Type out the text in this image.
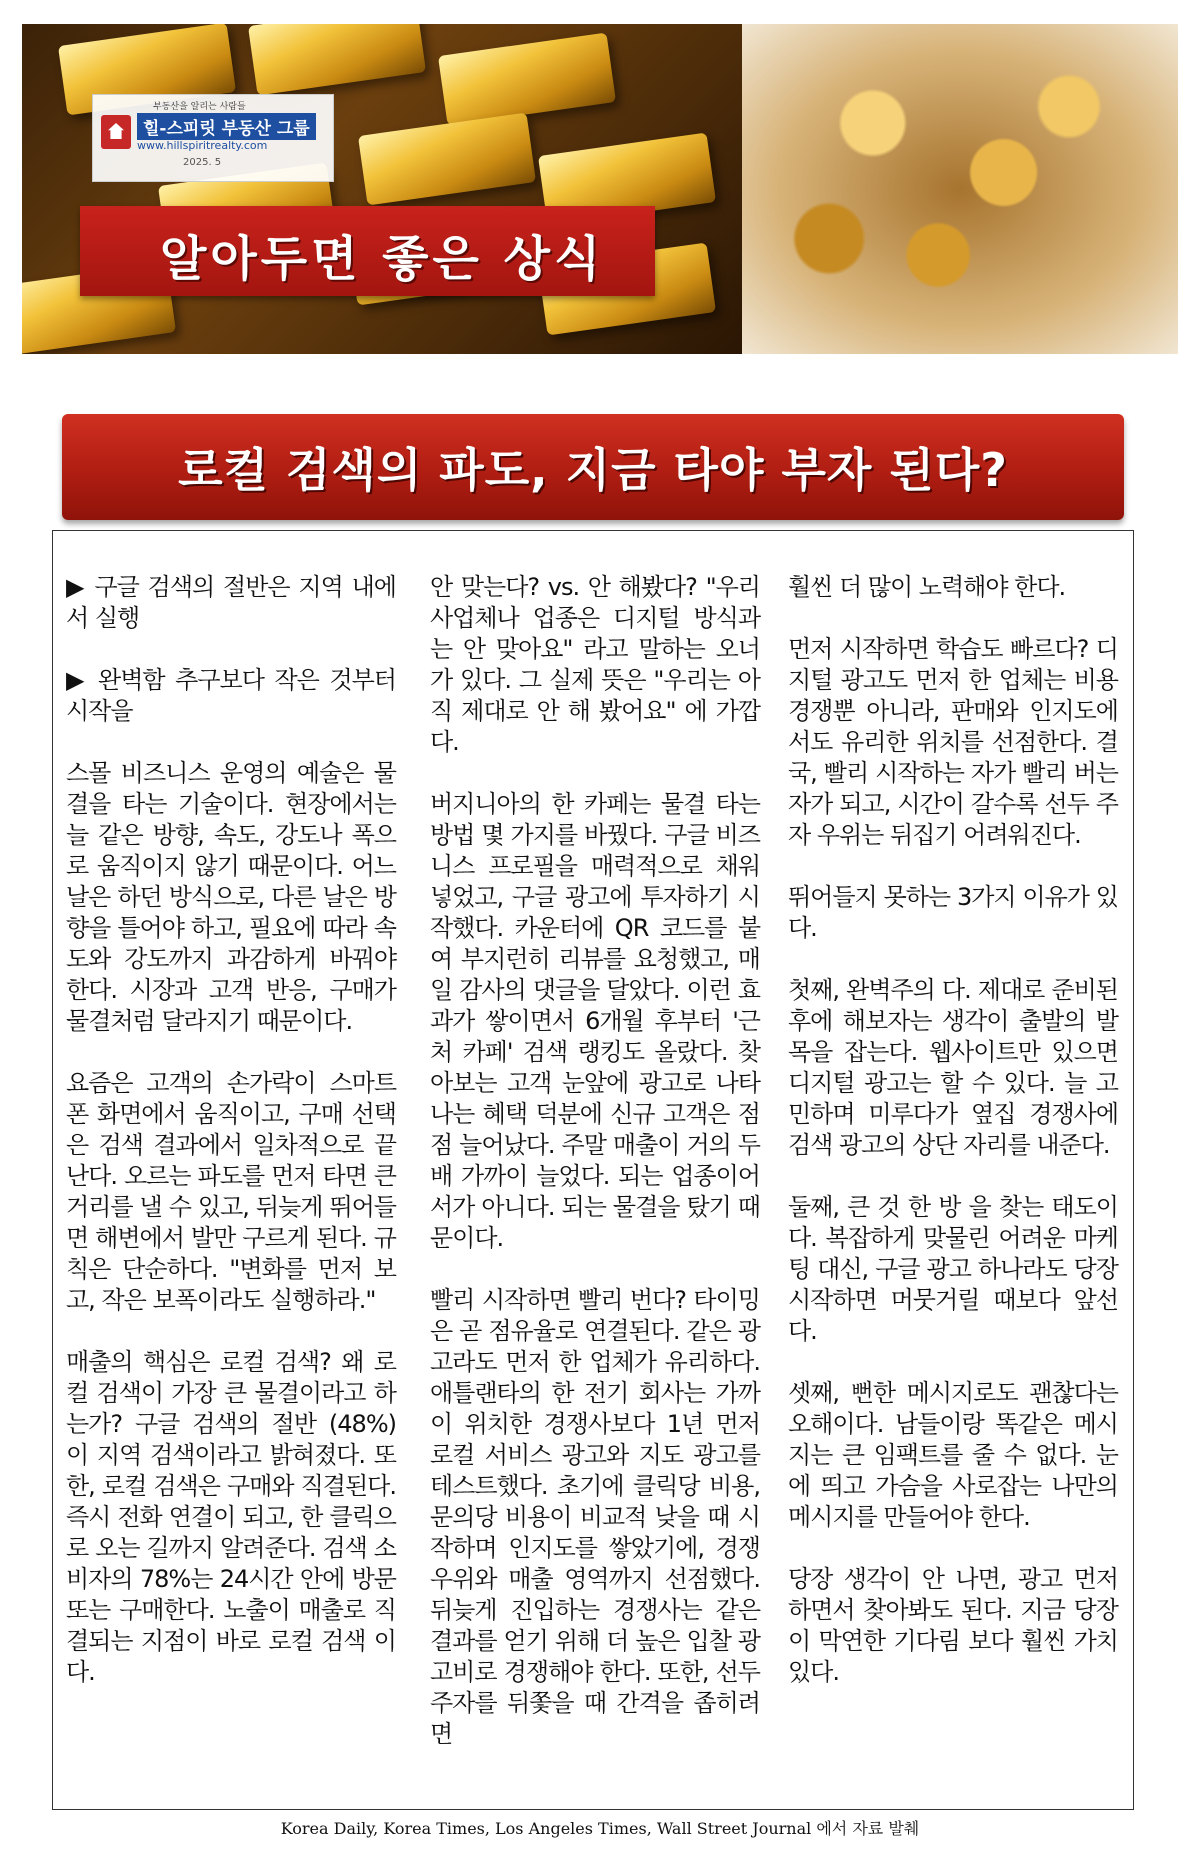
부동산을 알리는 사람들
힐-스피릿 부동산 그룹
www.hillspiritrealty.com
2025. 5
알아두면 좋은 상식
로컬 검색의 파도, 지금 타야 부자 된다?

▶ 구글 검색의 절반은 지역 내에서 실행

▶ 완벽함 추구보다 작은 것부터 시작을

스몰 비즈니스 운영의 예술은 물결을 타는 기술이다. 현장에서는 늘 같은 방향, 속도, 강도나 폭으로 움직이지 않기 때문이다. 어느 날은 하던 방식으로, 다른 날은 방향을 틀어야 하고, 필요에 따라 속도와 강도까지 과감하게 바꿔야 한다. 시장과 고객 반응, 구매가 물결처럼 달라지기 때문이다.

요즘은 고객의 손가락이 스마트 폰 화면에서 움직이고, 구매 선택은 검색 결과에서 일차적으로 끝난다. 오르는 파도를 먼저 타면 큰 거리를 낼 수 있고, 뒤늦게 뛰어들면 해변에서 발만 구르게 된다. 규칙은 단순하다. "변화를 먼저 보고, 작은 보폭이라도 실행하라."

매출의 핵심은 로컬 검색? 왜 로컬 검색이 가장 큰 물결이라고 하는가? 구글 검색의 절반 (48%) 이 지역 검색이라고 밝혀졌다. 또한, 로컬 검색은 구매와 직결된다. 즉시 전화 연결이 되고, 한 클릭으로 오는 길까지 알려준다. 검색 소비자의 78%는 24시간 안에 방문 또는 구매한다. 노출이 매출로 직결되는 지점이 바로 로컬 검색 이다.

안 맞는다? vs. 안 해봤다? "우리 사업체나 업종은 디지털 방식과는 안 맞아요" 라고 말하는 오너가 있다. 그 실제 뜻은 "우리는 아직 제대로 안 해 봤어요" 에 가깝다.

버지니아의 한 카페는 물결 타는 방법 몇 가지를 바꿨다. 구글 비즈니스 프로필을 매력적으로 채워 넣었고, 구글 광고에 투자하기 시작했다. 카운터에 QR 코드를 붙여 부지런히 리뷰를 요청했고, 매일 감사의 댓글을 달았다. 이런 효과가 쌓이면서 6개월 후부터 '근처 카페' 검색 랭킹도 올랐다. 찾아보는 고객 눈앞에 광고로 나타나는 혜택 덕분에 신규 고객은 점점 늘어났다. 주말 매출이 거의 두 배 가까이 늘었다. 되는 업종이어서가 아니다. 되는 물결을 탔기 때문이다.

빨리 시작하면 빨리 번다? 타이밍은 곧 점유율로 연결된다. 같은 광고라도 먼저 한 업체가 유리하다. 애틀랜타의 한 전기 회사는 가까이 위치한 경쟁사보다 1년 먼저 로컬 서비스 광고와 지도 광고를 테스트했다. 초기에 클릭당 비용, 문의당 비용이 비교적 낮을 때 시작하며 인지도를 쌓았기에, 경쟁 우위와 매출 영역까지 선점했다. 뒤늦게 진입하는 경쟁사는 같은 결과를 얻기 위해 더 높은 입찰 광고비로 경쟁해야 한다. 또한, 선두 주자를 뒤쫓을 때 간격을 좁히려면

훨씬 더 많이 노력해야 한다.

먼저 시작하면 학습도 빠르다? 디지털 광고도 먼저 한 업체는 비용 경쟁뿐 아니라, 판매와 인지도에서도 유리한 위치를 선점한다. 결국, 빨리 시작하는 자가 빨리 버는 자가 되고, 시간이 갈수록 선두 주자 우위는 뒤집기 어려워진다.

뛰어들지 못하는 3가지 이유가 있다.

첫째, 완벽주의 다. 제대로 준비된 후에 해보자는 생각이 출발의 발목을 잡는다. 웹사이트만 있으면 디지털 광고는 할 수 있다. 늘 고민하며 미루다가 옆집 경쟁사에 검색 광고의 상단 자리를 내준다.

둘째, 큰 것 한 방 을 찾는 태도이다. 복잡하게 맞물린 어려운 마케팅 대신, 구글 광고 하나라도 당장 시작하면 머뭇거릴 때보다 앞선다.

셋째, 뻔한 메시지로도 괜찮다는 오해이다. 남들이랑 똑같은 메시지는 큰 임팩트를 줄 수 없다. 눈에 띄고 가슴을 사로잡는 나만의 메시지를 만들어야 한다.

당장 생각이 안 나면, 광고 먼저 하면서 찾아봐도 된다. 지금 당장 이 막연한 기다림 보다 훨씬 가치 있다.

Korea Daily, Korea Times, Los Angeles Times, Wall Street Journal 에서 자료 발췌
